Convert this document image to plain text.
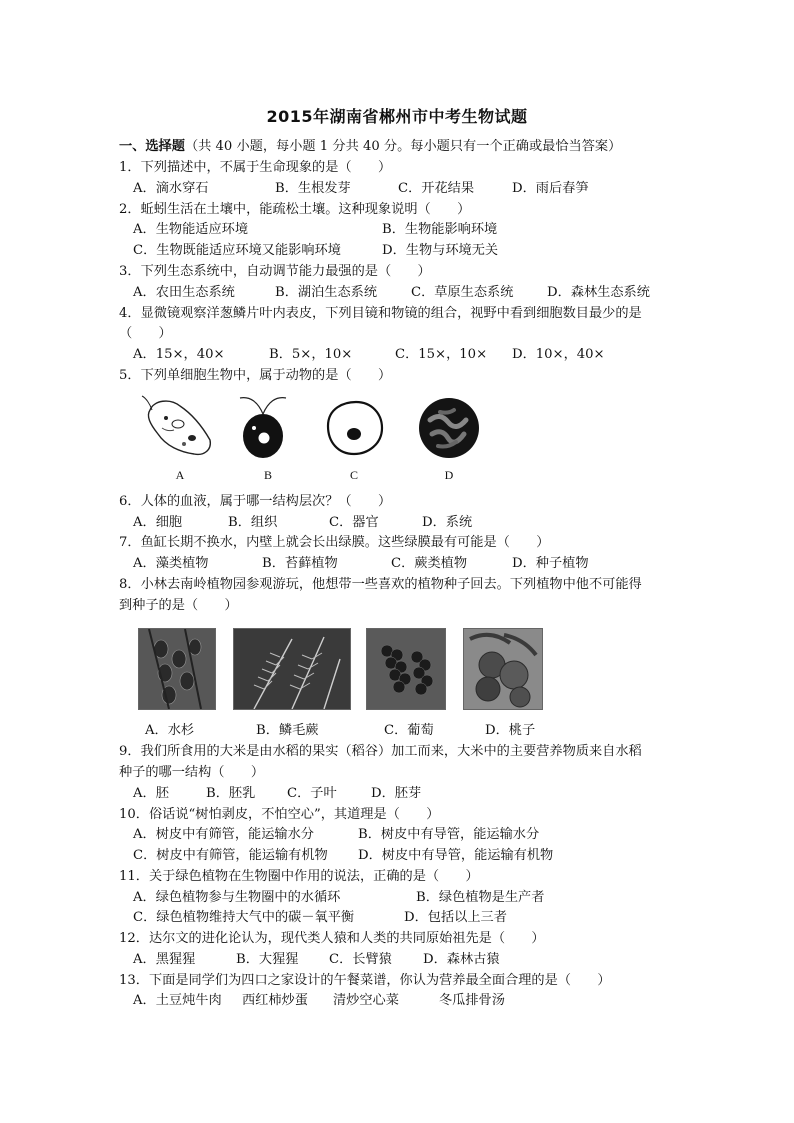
2015年湖南省郴州市中考生物试题
一、选择题（共 40 小题，每小题 1 分共 40 分。每小题只有一个正确或最恰当答案）
1．下列描述中，不属于生命现象的是（　　）
A．滴水穿石	B．生根发芽	C．开花结果	D．雨后春笋
2．蚯蚓生活在土壤中，能疏松土壤。这种现象说明（　　）
A．生物能适应环境	B．生物能影响环境
C．生物既能适应环境又能影响环境	D．生物与环境无关
3．下列生态系统中，自动调节能力最强的是（　　）
A．农田生态系统	B．湖泊生态系统	C．草原生态系统	D．森林生态系统
4．显微镜观察洋葱鳞片叶内表皮，下列目镜和物镜的组合，视野中看到细胞数目最少的是
（　　）
A．15×，40×	B．5×，10×	C．15×，10× D．10×，40×
5．下列单细胞生物中，属于动物的是（　　）
A	B	C	D
6．人体的血液，属于哪一结构层次？（　　）
A．细胞	B．组织	C．器官	D．系统
7．鱼缸长期不换水，内壁上就会长出绿膜。这些绿膜最有可能是（　　）
A．藻类植物	B．苔藓植物	C．蕨类植物	D．种子植物
8．小林去南岭植物园参观游玩，他想带一些喜欢的植物种子回去。下列植物中他不可能得
到种子的是（　　）
A．水杉	B．鳞毛蕨	C．葡萄	D．桃子
9．我们所食用的大米是由水稻的果实（稻谷）加工而来，大米中的主要营养物质来自水稻
种子的哪一结构（　　）
A．胚	B．胚乳 C．子叶	D．胚芽
10．俗话说“树怕剥皮，不怕空心”，其道理是（　　）
A．树皮中有筛管，能运输水分	B．树皮中有导管，能运输水分
C．树皮中有筛管，能运输有机物 D．树皮中有导管，能运输有机物
11．关于绿色植物在生物圈中作用的说法，正确的是（　　）
A．绿色植物参与生物圈中的水循环	B．绿色植物是生产者
C．绿色植物维持大气中的碳－氧平衡	D．包括以上三者
12．达尔文的进化论认为，现代类人猿和人类的共同原始祖先是（　　）
A．黑猩猩	B．大猩猩 C．长臂猿 D．森林古猿
13．下面是同学们为四口之家设计的午餐菜谱，你认为营养最全面合理的是（　　）
A．土豆炖牛肉 西红柿炒蛋 清炒空心菜	冬瓜排骨汤
